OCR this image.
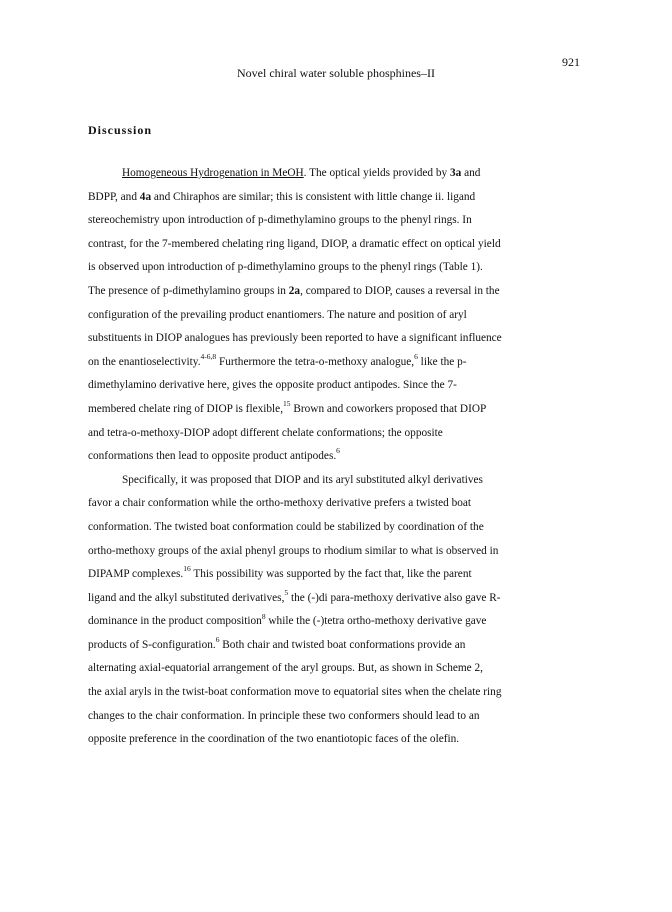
921
Novel chiral water soluble phosphines–II
Discussion
Homogeneous Hydrogenation in MeOH. The optical yields provided by 3a and
BDPP, and 4a and Chiraphos are similar; this is consistent with little change ii. ligand
stereochemistry upon introduction of p-dimethylamino groups to the phenyl rings. In
contrast, for the 7-membered chelating ring ligand, DIOP, a dramatic effect on optical yield
is observed upon introduction of p-dimethylamino groups to the phenyl rings (Table 1).
The presence of p-dimethylamino groups in 2a, compared to DIOP, causes a reversal in the
configuration of the prevailing product enantiomers. The nature and position of aryl
substituents in DIOP analogues has previously been reported to have a significant influence
on the enantioselectivity.$^{4-6,8}$ Furthermore the tetra-o-methoxy analogue,$^6$ like the p-
dimethylamino derivative here, gives the opposite product antipodes. Since the 7-
membered chelate ring of DIOP is flexible,$^{15}$ Brown and coworkers proposed that DIOP
and tetra-o-methoxy-DIOP adopt different chelate conformations; the opposite
conformations then lead to opposite product antipodes.$^6$
Specifically, it was proposed that DIOP and its aryl substituted alkyl derivatives
favor a chair conformation while the ortho-methoxy derivative prefers a twisted boat
conformation. The twisted boat conformation could be stabilized by coordination of the
ortho-methoxy groups of the axial phenyl groups to rhodium similar to what is observed in
DIPAMP complexes.$^{16}$ This possibility was supported by the fact that, like the parent
ligand and the alkyl substituted derivatives,$^5$ the (-)di para-methoxy derivative also gave R-
dominance in the product composition$^8$ while the (-)tetra ortho-methoxy derivative gave
products of S-configuration.$^6$ Both chair and twisted boat conformations provide an
alternating axial-equatorial arrangement of the aryl groups. But, as shown in Scheme 2,
the axial aryls in the twist-boat conformation move to equatorial sites when the chelate ring
changes to the chair conformation. In principle these two conformers should lead to an
opposite preference in the coordination of the two enantiotopic faces of the olefin.
